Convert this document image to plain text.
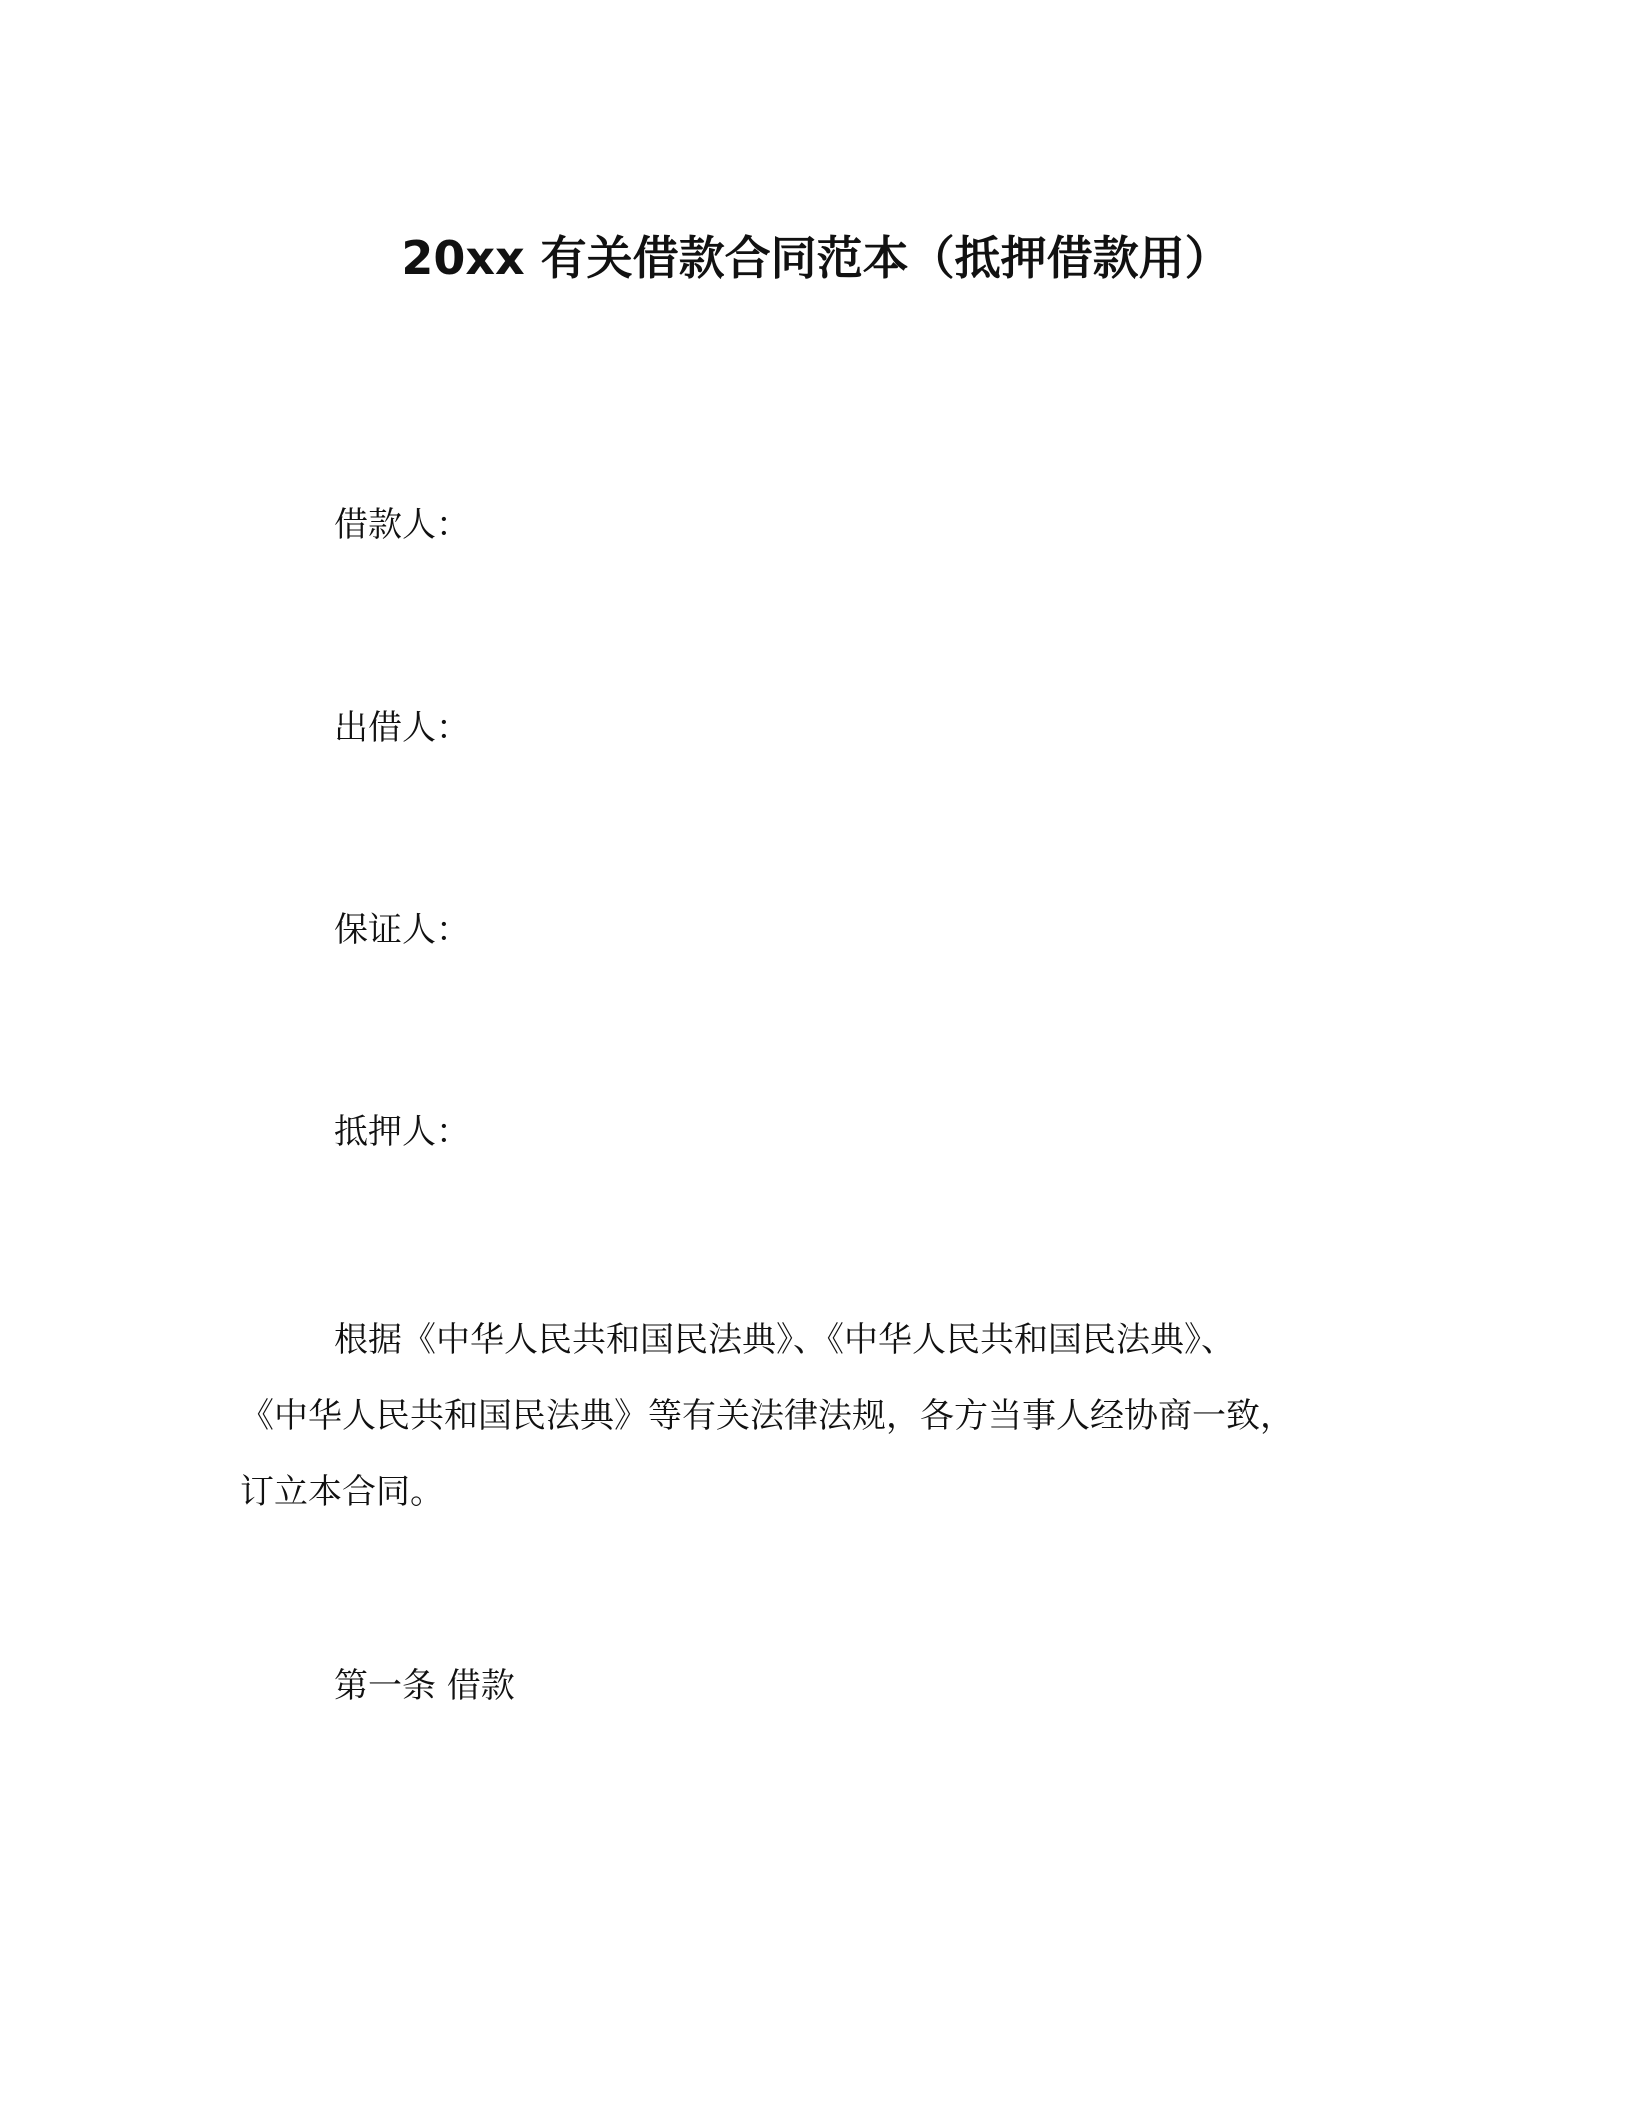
20xx 有关借款合同范本（抵押借款用）
借款人：
出借人：
保证人：
抵押人：
根据《中华人民共和国民法典》、《中华人民共和国民法典》、
《中华人民共和国民法典》等有关法律法规，各方当事人经协商一致，
订立本合同。
第一条 借款
